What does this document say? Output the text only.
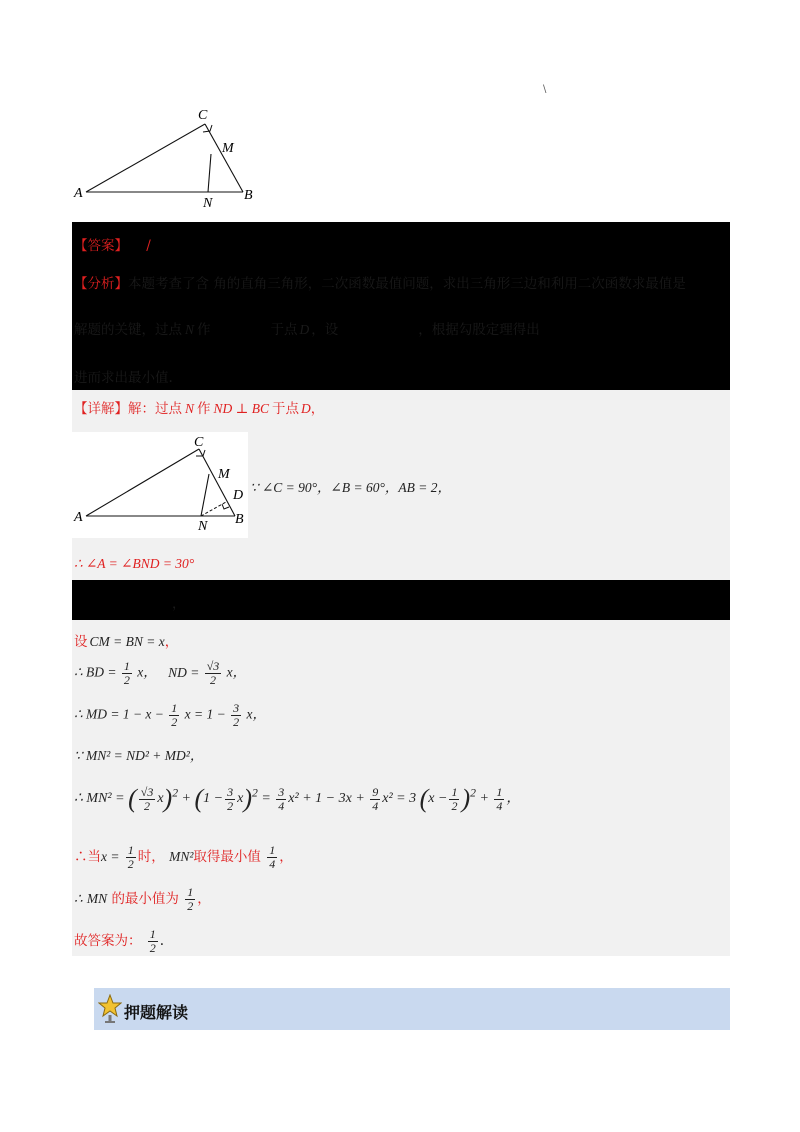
\
A	B
C
M
N
【答案】 /
【分析】本题考查了含 角的直角三角形，二次函数最值问题，求出三角形三边和利用二次函数求最值是
解题的关键，过点 N 作	于点 D ，设	，根据勾股定理得出
进而求出最小值.
【详解】解：过点 N 作 ND ⊥ BC 于点 D，
A	B
C
M
D
N
∵ ∠C = 90°，∠B = 60°，AB = 2，
∴ ∠A = ∠BND = 30°
，
设 CM = BN = x，
∴ BD = $\frac{1}{2}$ x， ND = $\frac{√3}{2}$ x，
∴ MD = $1 - x - \frac{1}{2}$ $x = 1 - \frac{3}{2}$ x，
∵ MN² = ND² + MD²，
∴ MN² = ( $\frac{√3}{2} x)^2 + (1 - \frac{3}{2} x)^2 = \frac{3}{4} x^2 + 1 - 3x + \frac{9}{4} x^2 = 3$ $(x - \frac{1}{2} )^2 + \frac{1}{4}$ ，
∴当$x = \frac{1}{2}$ 时， MN²取得最小值 $\frac{1}{4}$ ，
∴ MN 的最小值为 $\frac{1}{2}$ ，
故答案为： $\frac{1}{2}$ .
押题解读
